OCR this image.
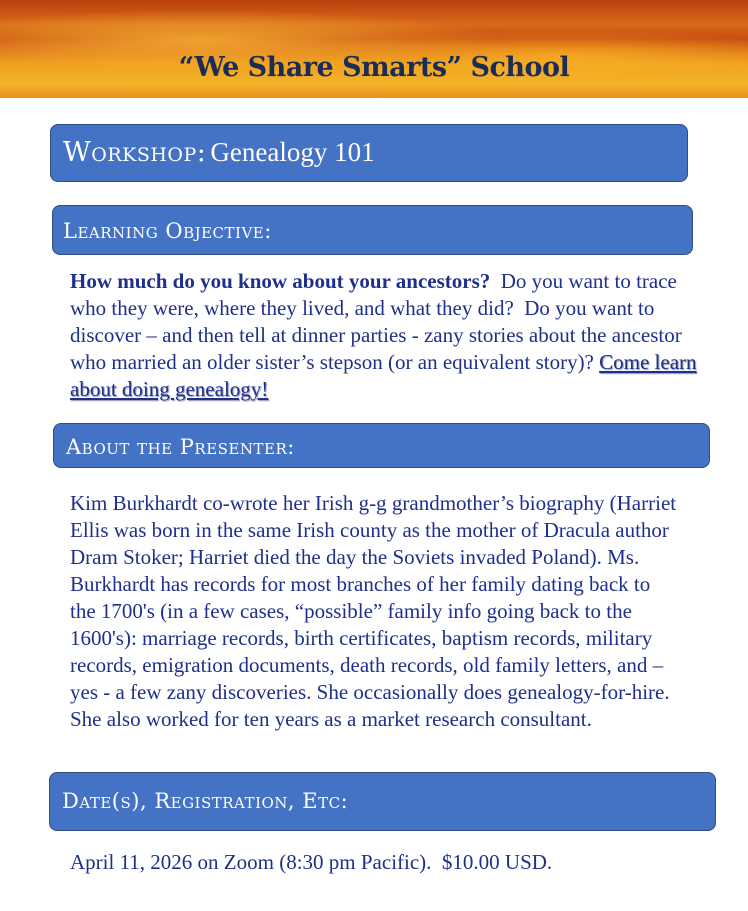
“We Share Smarts” School
Workshop: Genealogy 101
Learning Objective:
How much do you know about your ancestors?  Do you want to trace who they were, where they lived, and what they did?  Do you want to discover – and then tell at dinner parties - zany stories about the ancestor who married an older sister’s stepson (or an equivalent story)? Come learn about doing genealogy!
About the Presenter:
Kim Burkhardt co-wrote her Irish g-g grandmother’s biography (Harriet Ellis was born in the same Irish county as the mother of Dracula author Dram Stoker; Harriet died the day the Soviets invaded Poland). Ms. Burkhardt has records for most branches of her family dating back to the 1700's (in a few cases, “possible” family info going back to the 1600's): marriage records, birth certificates, baptism records, military records, emigration documents, death records, old family letters, and – yes - a few zany discoveries. She occasionally does genealogy-for-hire. She also worked for ten years as a market research consultant.
Date(s), Registration, Etc:
April 11, 2026 on Zoom (8:30 pm Pacific).  $10.00 USD.
